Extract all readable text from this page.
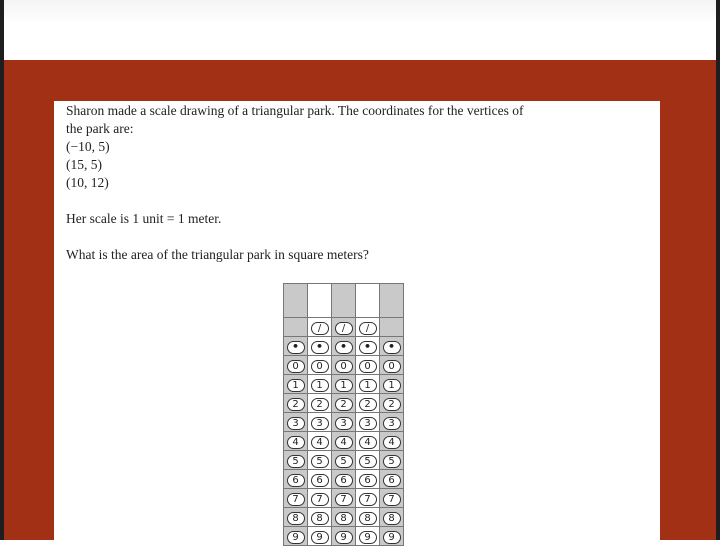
Sharon made a scale drawing of a triangular park. The coordinates for the vertices of
the park are:
(−10, 5)
(15, 5)
(10, 12)
Her scale is 1 unit = 1 meter.
What is the area of the triangular park in square meters?

	/	/	/	
•	•	•	•	•
0	0	0	0	0
1	1	1	1	1
2	2	2	2	2
3	3	3	3	3
4	4	4	4	4
5	5	5	5	5
6	6	6	6	6
7	7	7	7	7
8	8	8	8	8
9	9	9	9	9
